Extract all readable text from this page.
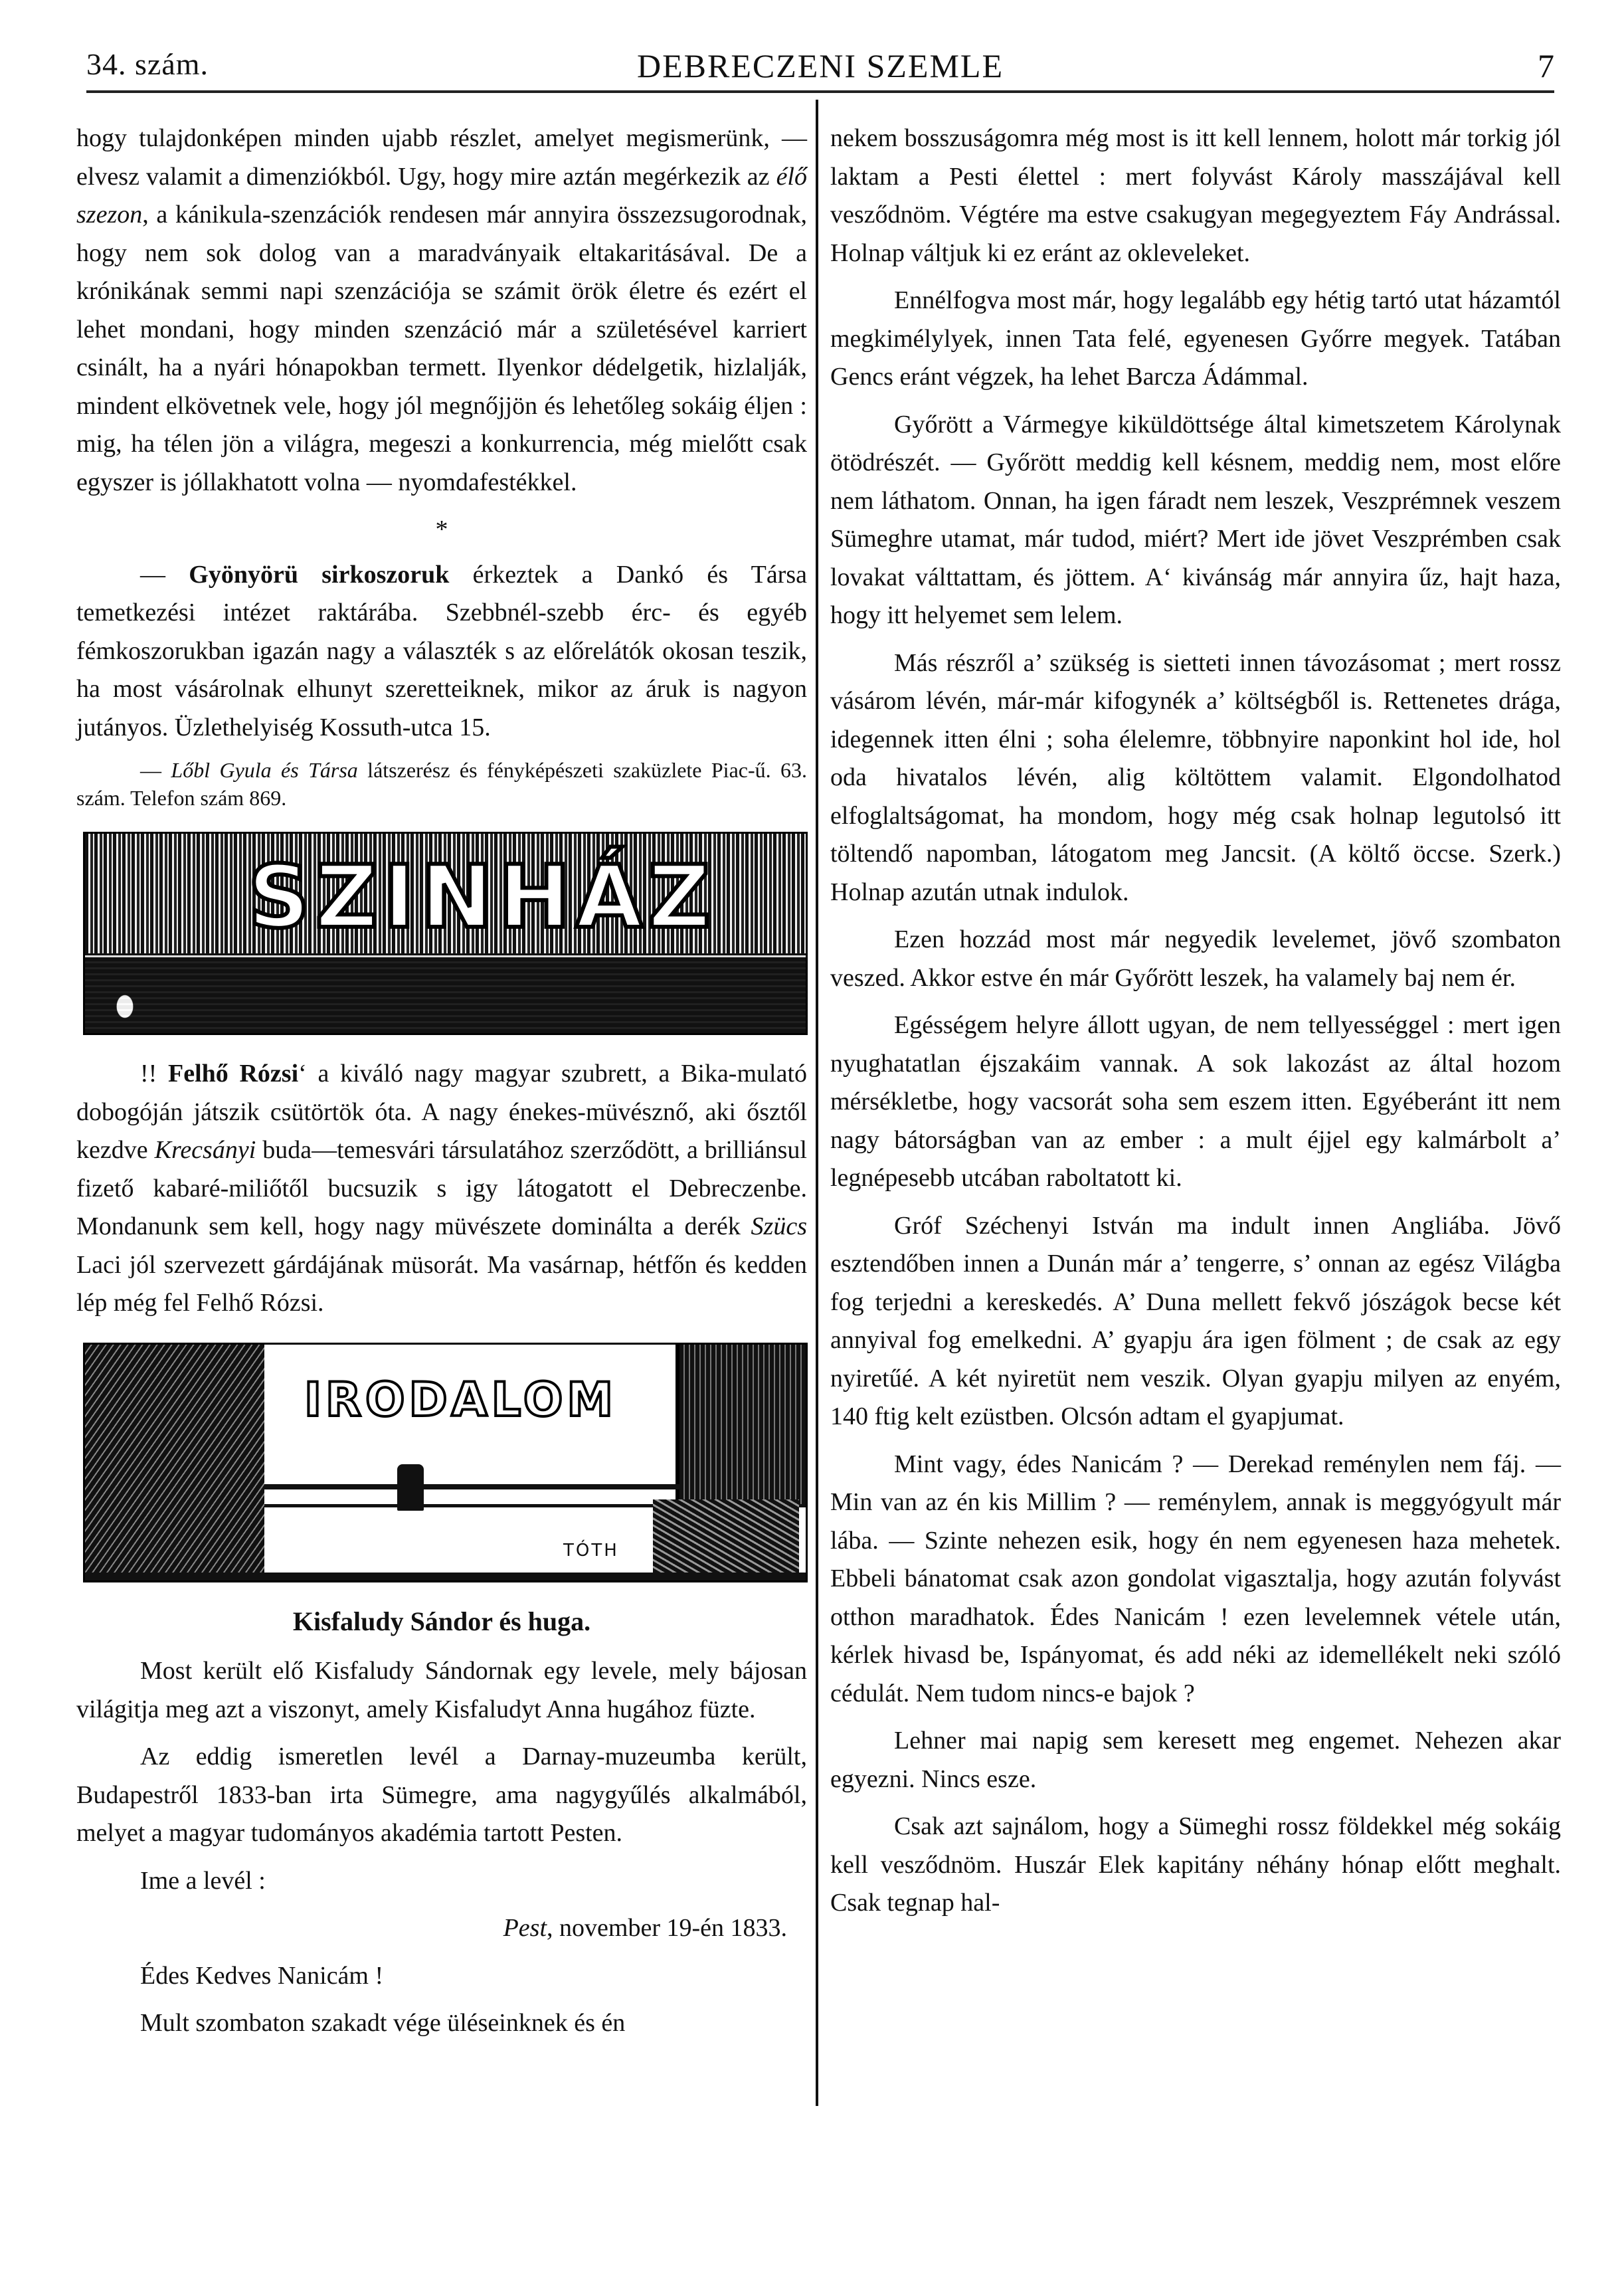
34. szám.	DEBRECZENI SZEMLE	7

hogy tulajdonképen minden ujabb részlet, amelyet megismerünk, — elvesz valamit a dimenziókból. Ugy, hogy mire aztán megérkezik az élő szezon, a kánikula-szenzációk rendesen már annyira összezsugorodnak, hogy nem sok dolog van a maradványaik eltakaritásával. De a krónikának semmi napi szenzációja se számit örök életre és ezért el lehet mondani, hogy minden szenzáció már a születésével karriert csinált, ha a nyári hónapokban termett. Ilyenkor dédelgetik, hizlalják, mindent elkövetnek vele, hogy jól megnőjjön és lehetőleg sokáig éljen : mig, ha télen jön a világra, megeszi a konkurrencia, még mielőtt csak egyszer is jóllakhatott volna — nyomdafestékkel.

*

— Gyönyörü sirkoszoruk érkeztek a Dankó és Társa temetkezési intézet raktárába. Szebbnél-szebb érc- és egyéb fémkoszorukban igazán nagy a választék s az előrelátók okosan teszik, ha most vásárolnak elhunyt szeretteiknek, mikor az áruk is nagyon jutányos. Üzlethelyiség Kossuth-utca 15.

— Lőbl Gyula és Társa látszerész és fényképészeti szaküzlete Piac-ű. 63. szám. Telefon szám 869.

SZINHÁZ

!! Felhő Rózsi‘ a kiváló nagy magyar szubrett, a Bika-mulató dobogóján játszik csütörtök óta. A nagy énekes-müvésznő, aki ősztől kezdve Krecsányi buda—temesvári társulatához szerződött, a brilliánsul fizető kabaré-miliőtől bucsuzik s igy látogatott el Debreczenbe. Mondanunk sem kell, hogy nagy müvészete dominálta a derék Szücs Laci jól szervezett gárdájának müsorát. Ma vasárnap, hétfőn és kedden lép még fel Felhő Rózsi.

IRODALOM
TÓTH

Kisfaludy Sándor és huga.

Most került elő Kisfaludy Sándornak egy levele, mely bájosan világitja meg azt a viszonyt, amely Kisfaludyt Anna hugához füzte.

Az eddig ismeretlen levél a Darnay-muzeumba került, Budapestről 1833-ban irta Sümegre, ama nagygyűlés alkalmából, melyet a magyar tudományos akadémia tartott Pesten.

Ime a levél :

Pest, november 19-én 1833.

Édes Kedves Nanicám !

Mult szombaton szakadt vége üléseinknek és én

nekem bosszuságomra még most is itt kell lennem, holott már torkig jól laktam a Pesti élettel : mert folyvást Károly masszájával kell vesződnöm. Végtére ma estve csakugyan megegyeztem Fáy Andrással. Holnap váltjuk ki ez eránt az okleveleket.

Ennélfogva most már, hogy legalább egy hétig tartó utat házamtól megkimélylyek, innen Tata felé, egyenesen Győrre megyek. Tatában Gencs eránt végzek, ha lehet Barcza Ádámmal.

Győrött a Vármegye kiküldöttsége által kimetszetem Károlynak ötödrészét. — Győrött meddig kell késnem, meddig nem, most előre nem láthatom. Onnan, ha igen fáradt nem leszek, Veszprémnek veszem Sümeghre utamat, már tudod, miért? Mert ide jövet Veszprémben csak lovakat válttattam, és jöttem. A‘ kivánság már annyira űz, hajt haza, hogy itt helyemet sem lelem.

Más részről a’ szükség is sietteti innen távozásomat ; mert rossz vásárom lévén, már-már kifogynék a’ költségből is. Rettenetes drága, idegennek itten élni ; soha élelemre, többnyire naponkint hol ide, hol oda hivatalos lévén, alig költöttem valamit. Elgondolhatod elfoglaltságomat, ha mondom, hogy még csak holnap legutolsó itt töltendő napomban, látogatom meg Jancsit. (A költő öccse. Szerk.) Holnap azután utnak indulok.

Ezen hozzád most már negyedik levelemet, jövő szombaton veszed. Akkor estve én már Győrött leszek, ha valamely baj nem ér.

Egésségem helyre állott ugyan, de nem tellyességgel : mert igen nyughatatlan éjszakáim vannak. A sok lakozást az által hozom mérsékletbe, hogy vacsorát soha sem eszem itten. Egyéberánt itt nem nagy bátorságban van az ember : a mult éjjel egy kalmárbolt a’ legnépesebb utcában raboltatott ki.

Gróf Széchenyi István ma indult innen Angliába. Jövő esztendőben innen a Dunán már a’ tengerre, s’ onnan az egész Világba fog terjedni a kereskedés. A’ Duna mellett fekvő jószágok becse két annyival fog emelkedni. A’ gyapju ára igen fölment ; de csak az egy nyiretűé. A két nyiretüt nem veszik. Olyan gyapju milyen az enyém, 140 ftig kelt ezüstben. Olcsón adtam el gyapjumat.

Mint vagy, édes Nanicám ? — Derekad reménylen nem fáj. — Min van az én kis Millim ? — reménylem, annak is meggyógyult már lába. — Szinte nehezen esik, hogy én nem egyenesen haza mehetek. Ebbeli bánatomat csak azon gondolat vigasztalja, hogy azután folyvást otthon maradhatok. Édes Nanicám ! ezen levelemnek vétele után, kérlek hivasd be, Ispányomat, és add néki az idemellékelt neki szóló cédulát. Nem tudom nincs-e bajok ?

Lehner mai napig sem keresett meg engemet. Nehezen akar egyezni. Nincs esze.

Csak azt sajnálom, hogy a Sümeghi rossz földekkel még sokáig kell vesződnöm. Huszár Elek kapitány néhány hónap előtt meghalt. Csak tegnap hal-
